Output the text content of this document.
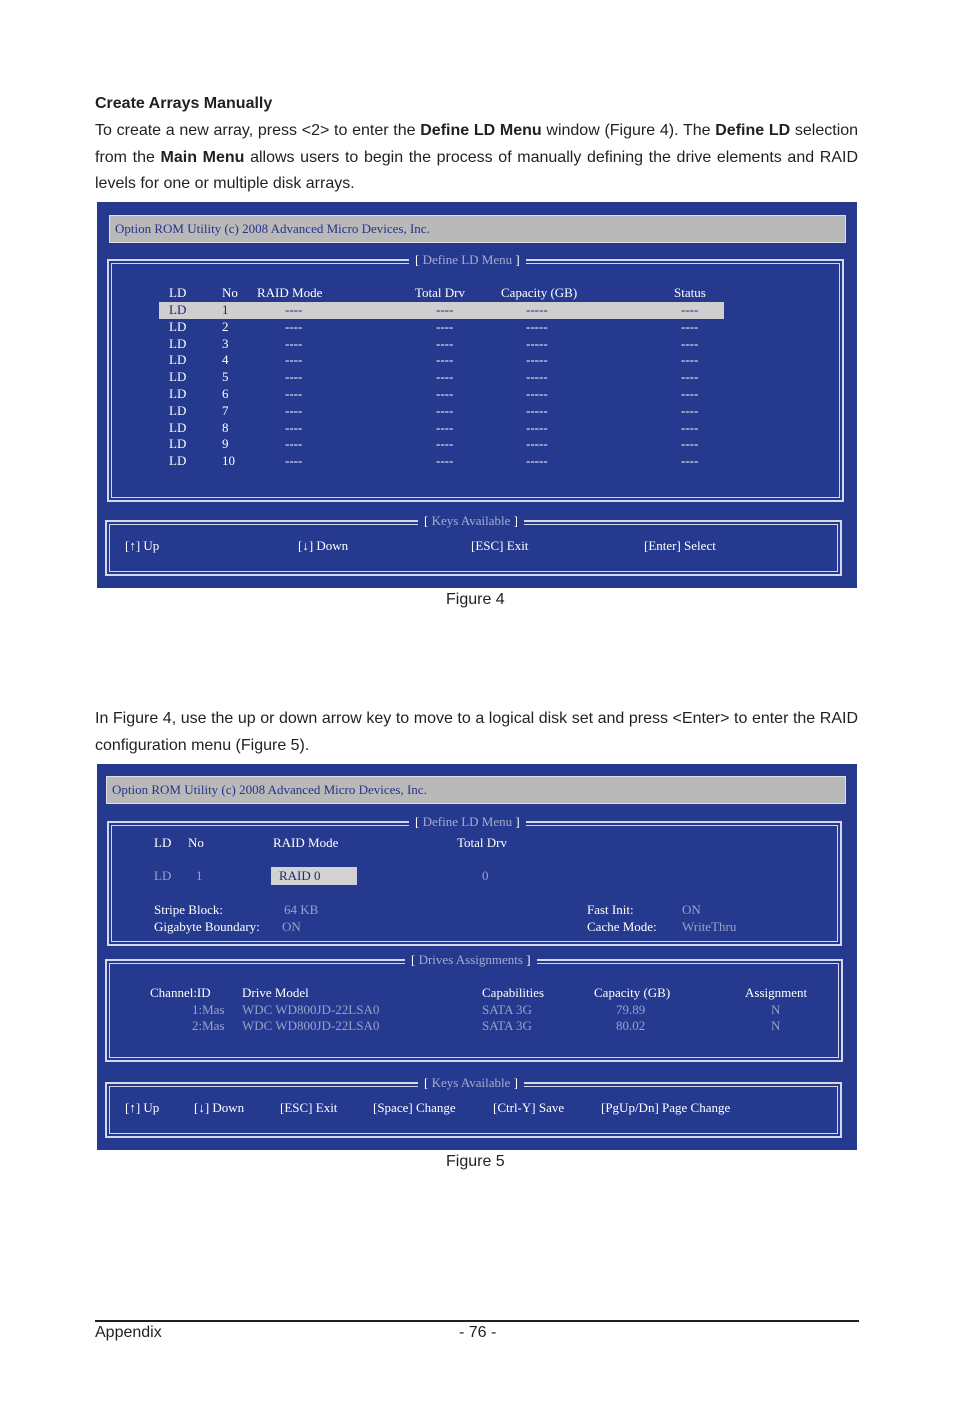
Create Arrays Manually
To create a new array, press <2> to enter the Define LD Menu window (Figure 4). The Define LD selection from the Main Menu allows users to begin the process of manually defining the drive elements and RAID levels for one or multiple disk arrays.
Option ROM Utility (c) 2008 Advanced Micro Devices, Inc.
[ Define LD Menu ]
LD	No RAID Mode	Total Drv	Capacity (GB)	Status
LD	1	----	----	-----	----
LD	2	----	----	-----	----
LD	3	----	----	-----	----
LD	4	----	----	-----	----
LD	5	----	----	-----	----
LD	6	----	----	-----	----
LD	7	----	----	-----	----
LD	8	----	----	-----	----
LD	9	----	----	-----	----
LD	10	----	----	-----	----
[ Keys Available ]
[↑] Up	[↓] Down	[ESC] Exit	[Enter] Select
Figure 4
In Figure 4, use the up or down arrow key to move to a logical disk set and press <Enter> to enter the RAID configuration menu (Figure 5).
Option ROM Utility (c) 2008 Advanced Micro Devices, Inc.
[ Define LD Menu ]
LD No	RAID Mode	Total Drv
LD 1	RAID 0	0
Stripe Block:	64 KB
Gigabyte Boundary: ON
Fast Init:	ON
Cache Mode: WriteThru
[ Drives Assignments ]
Channel:ID Drive Model	Capabilities	Capacity (GB)	Assignment
1:Mas WDC WD800JD-22LSA0	SATA 3G	79.89	N
2:Mas WDC WD800JD-22LSA0	SATA 3G	80.02	N
[ Keys Available ]
[↑] Up	[↓] Down	[ESC] Exit	[Space] Change	[Ctrl-Y] Save	[PgUp/Dn] Page Change
Figure 5
Appendix	- 76 -
